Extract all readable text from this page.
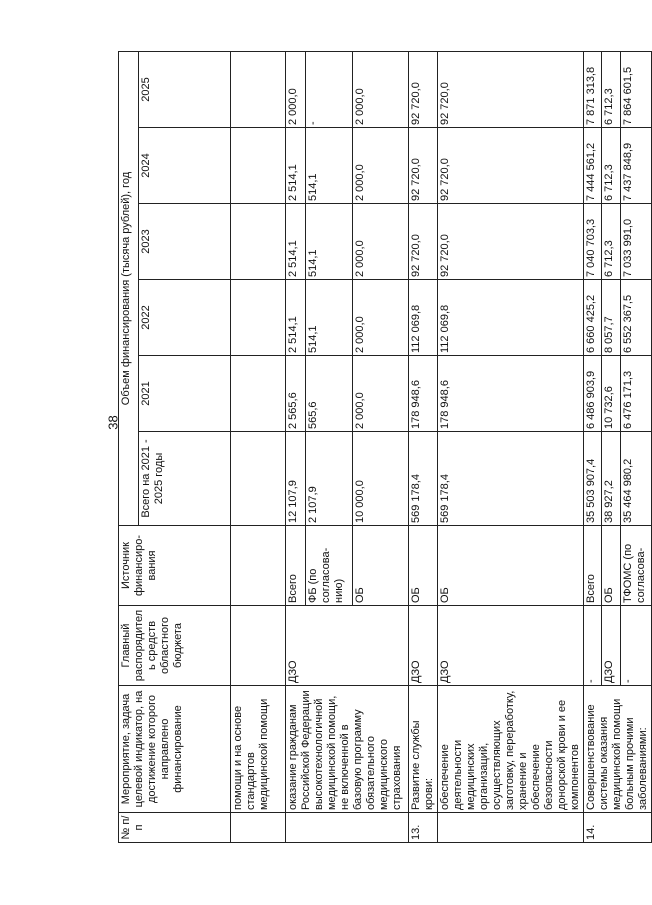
38
№ п/п	Мероприятие, задача целевой индикатор, на достижение которого направлено финансирование	Главный распорядитель средств областного бюджета	Источник финансиро-вания	Объем финансирования (тысяча рублей), год					
				Всего на 2021 - 2025 годы	2021	2022	2023	2024	2025
	помощи и на основе стандартов медицинской помощи								
	оказание гражданам Российской Федерации высокотехнологичной медицинской помощи, не включенной в базовую программу обязательного медицинского страхования	ДЗО	Всего	12 107,9	2 565,6	2 514,1	2 514,1	2 514,1	2 000,0
			ФБ (по согласова-нию)	2 107,9	565,6	514,1	514,1	514,1	-
			ОБ	10 000,0	2 000,0	2 000,0	2 000,0	2 000,0	2 000,0
13.	Развитие службы крови:	ДЗО	ОБ	569 178,4	178 948,6	112 069,8	92 720,0	92 720,0	92 720,0
	обеспечение деятельности медицинских организаций, осуществляющих заготовку, переработку, хранение и обеспечение безопасности донорской крови и ее компонентов	ДЗО	ОБ	569 178,4	178 948,6	112 069,8	92 720,0	92 720,0	92 720,0
14.	Совершенствование системы оказания медицинской помощи больным прочими заболеваниями:	-	Всего	35 503 907,4	6 486 903,9	6 660 425,2	7 040 703,3	7 444 561,2	7 871 313,8
		ДЗО	ОБ	38 927,2	10 732,6	8 057,7	6 712,3	6 712,3	6 712,3
		-	ТФОМС (по согласова-	35 464 980,2	6 476 171,3	6 552 367,5	7 033 991,0	7 437 848,9	7 864 601,5
